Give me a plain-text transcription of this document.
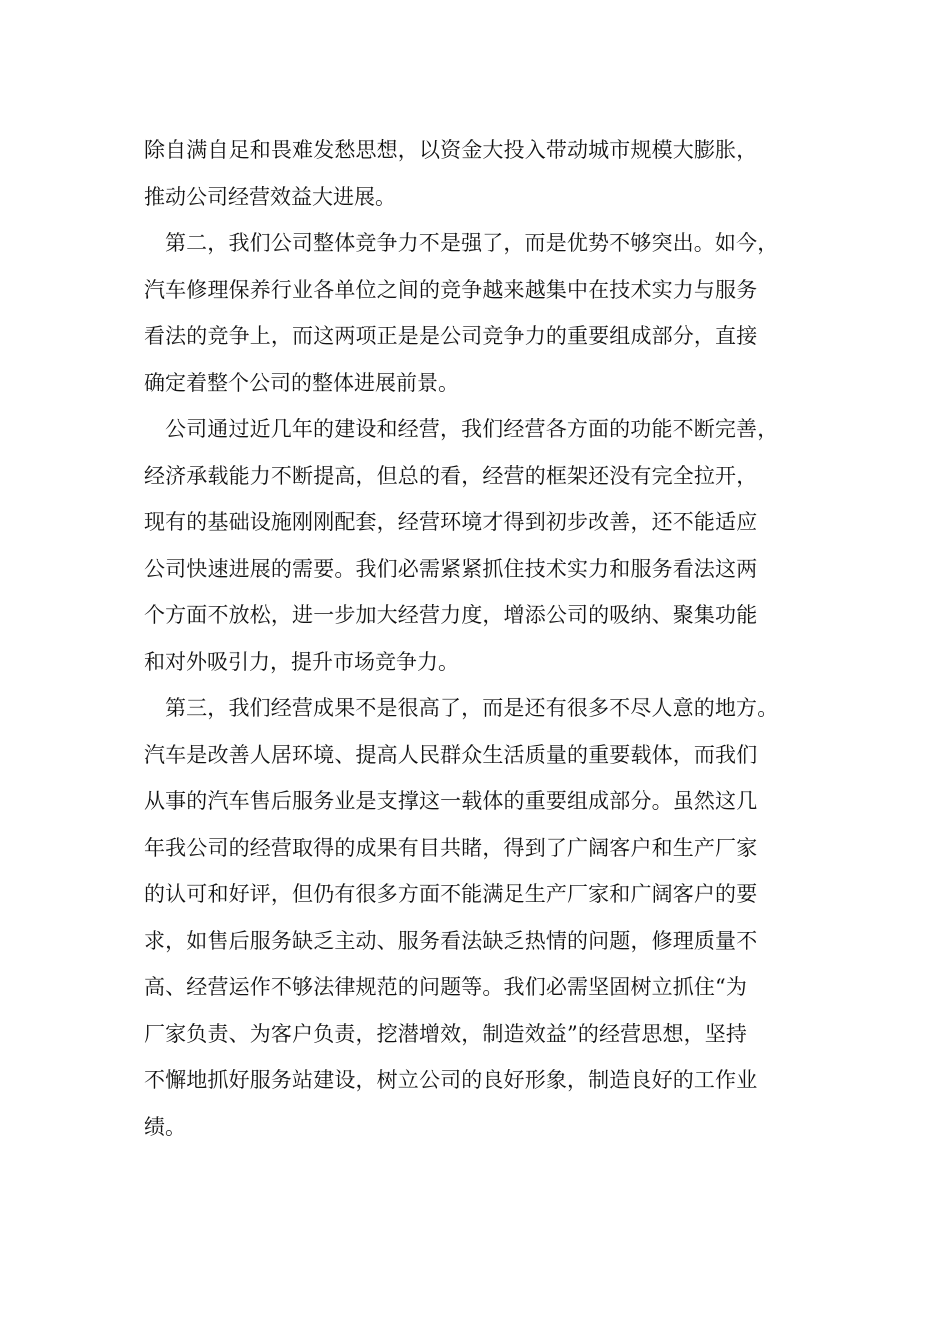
除自满自足和畏难发愁思想，以资金大投入带动城市规模大膨胀，
推动公司经营效益大进展。
第二，我们公司整体竞争力不是强了，而是优势不够突出。如今，
汽车修理保养行业各单位之间的竞争越来越集中在技术实力与服务
看法的竞争上，而这两项正是是公司竞争力的重要组成部分，直接
确定着整个公司的整体进展前景。
公司通过近几年的建设和经营，我们经营各方面的功能不断完善，
经济承载能力不断提高，但总的看，经营的框架还没有完全拉开，
现有的基础设施刚刚配套，经营环境才得到初步改善，还不能适应
公司快速进展的需要。我们必需紧紧抓住技术实力和服务看法这两
个方面不放松，进一步加大经营力度，增添公司的吸纳、聚集功能
和对外吸引力，提升市场竞争力。
第三，我们经营成果不是很高了，而是还有很多不尽人意的地方。
汽车是改善人居环境、提高人民群众生活质量的重要载体，而我们
从事的汽车售后服务业是支撑这一载体的重要组成部分。虽然这几
年我公司的经营取得的成果有目共睹，得到了广阔客户和生产厂家
的认可和好评，但仍有很多方面不能满足生产厂家和广阔客户的要
求，如售后服务缺乏主动、服务看法缺乏热情的问题，修理质量不
高、经营运作不够法律规范的问题等。我们必需坚固树立抓住“为
厂家负责、为客户负责，挖潜增效，制造效益”的经营思想，坚持
不懈地抓好服务站建设，树立公司的良好形象，制造良好的工作业
绩。
